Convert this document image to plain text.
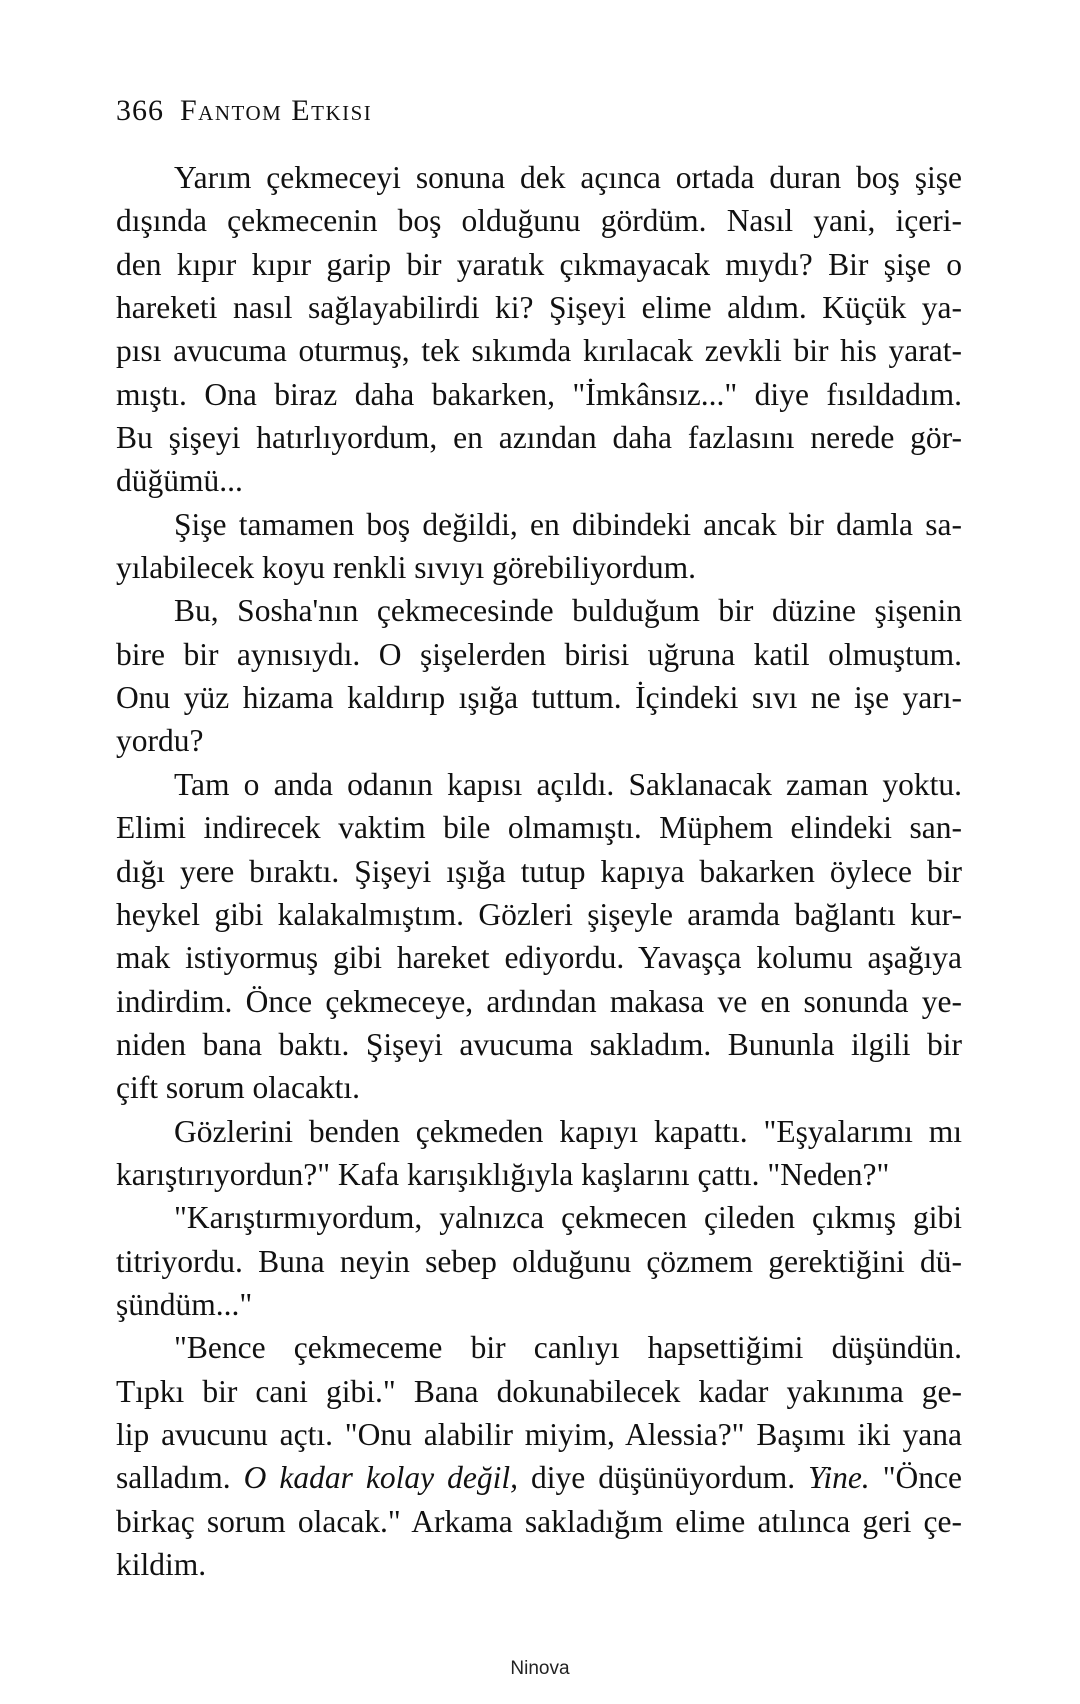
366 Fantom Etkisi
Yarım çekmeceyi sonuna dek açınca ortada duran boş şişe
dışında çekmecenin boş olduğunu gördüm. Nasıl yani, içeri-
den kıpır kıpır garip bir yaratık çıkmayacak mıydı? Bir şişe o
hareketi nasıl sağlayabilirdi ki? Şişeyi elime aldım. Küçük ya-
pısı avucuma oturmuş, tek sıkımda kırılacak zevkli bir his yarat-
mıştı. Ona biraz daha bakarken, "İmkânsız..." diye fısıldadım.
Bu şişeyi hatırlıyordum, en azından daha fazlasını nerede gör-
düğümü...
Şişe tamamen boş değildi, en dibindeki ancak bir damla sa-
yılabilecek koyu renkli sıvıyı görebiliyordum.
Bu, Sosha'nın çekmecesinde bulduğum bir düzine şişenin
bire bir aynısıydı. O şişelerden birisi uğruna katil olmuştum.
Onu yüz hizama kaldırıp ışığa tuttum. İçindeki sıvı ne işe yarı-
yordu?
Tam o anda odanın kapısı açıldı. Saklanacak zaman yoktu.
Elimi indirecek vaktim bile olmamıştı. Müphem elindeki san-
dığı yere bıraktı. Şişeyi ışığa tutup kapıya bakarken öylece bir
heykel gibi kalakalmıştım. Gözleri şişeyle aramda bağlantı kur-
mak istiyormuş gibi hareket ediyordu. Yavaşça kolumu aşağıya
indirdim. Önce çekmeceye, ardından makasa ve en sonunda ye-
niden bana baktı. Şişeyi avucuma sakladım. Bununla ilgili bir
çift sorum olacaktı.
Gözlerini benden çekmeden kapıyı kapattı. "Eşyalarımı mı
karıştırıyordun?" Kafa karışıklığıyla kaşlarını çattı. "Neden?"
"Karıştırmıyordum, yalnızca çekmecen çileden çıkmış gibi
titriyordu. Buna neyin sebep olduğunu çözmem gerektiğini dü-
şündüm..."
"Bence çekmeceme bir canlıyı hapsettiğimi düşündün.
Tıpkı bir cani gibi." Bana dokunabilecek kadar yakınıma ge-
lip avucunu açtı. "Onu alabilir miyim, Alessia?" Başımı iki yana
salladım. O kadar kolay değil, diye düşünüyordum. Yine. "Önce
birkaç sorum olacak." Arkama sakladığım elime atılınca geri çe-
kildim.
Ninova
